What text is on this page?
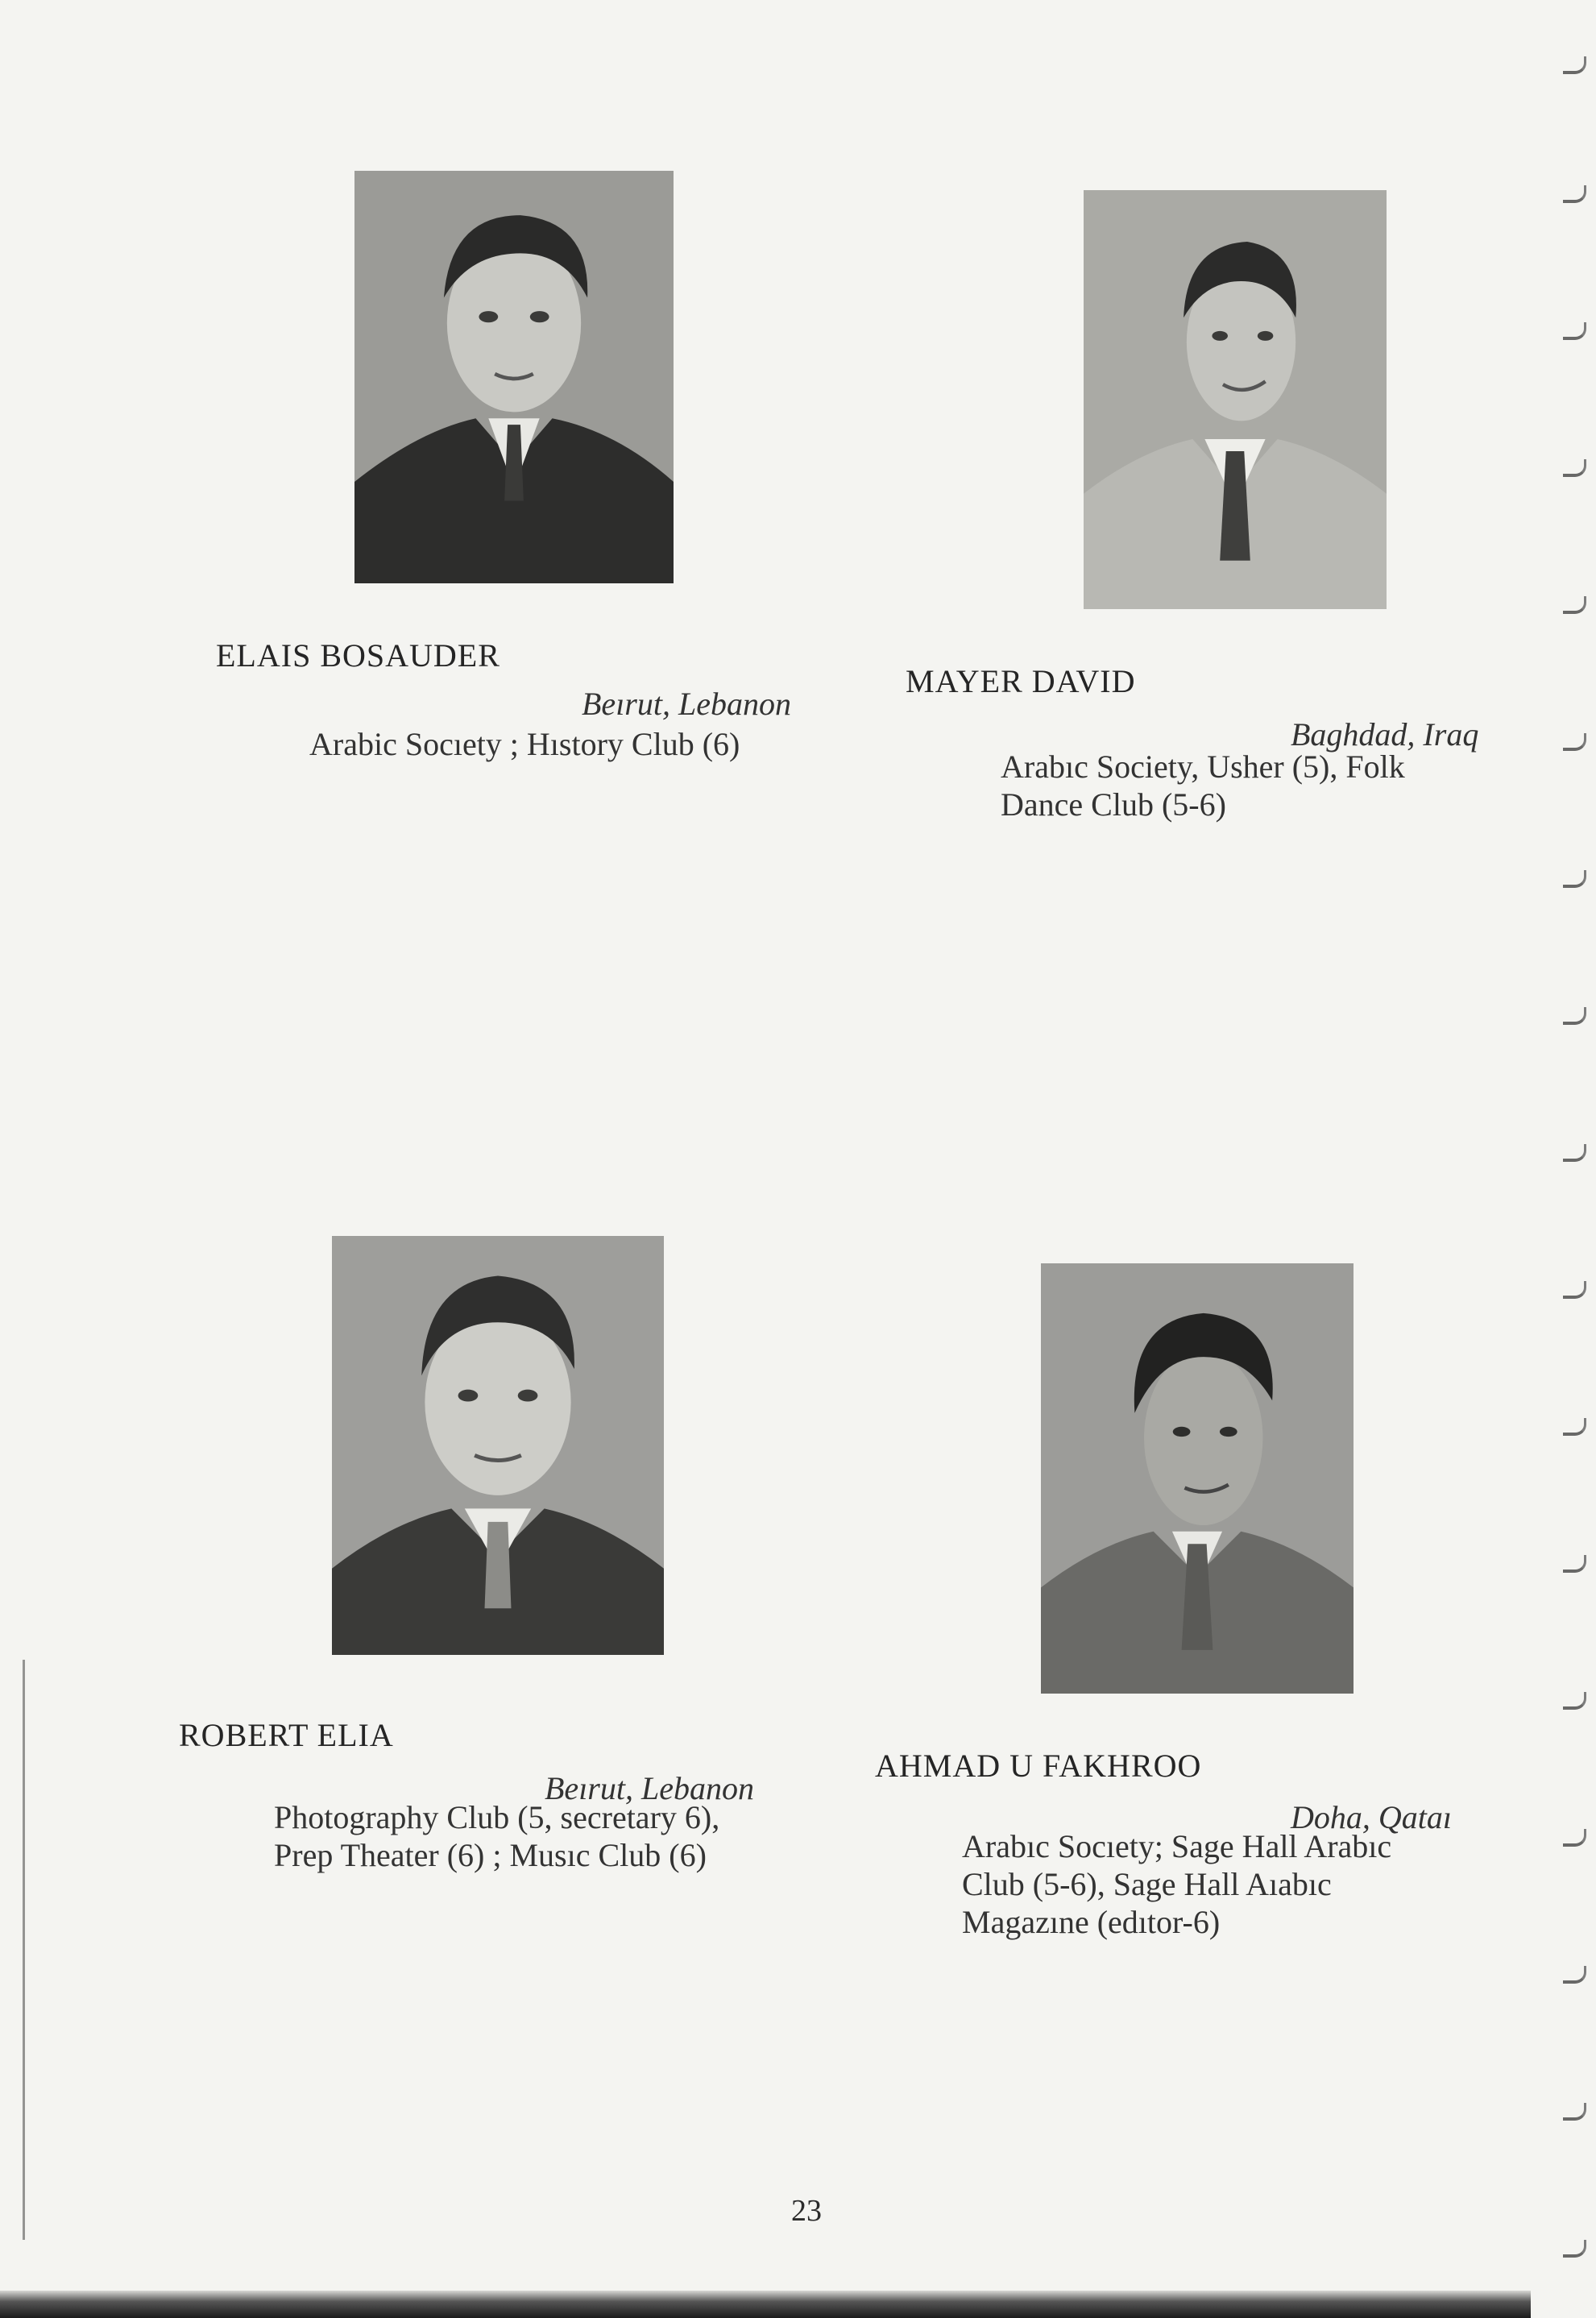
ELAIS BOSAUDER
Beırut, Lebanon
Arabic Socıety ; Hıstory Club (6)
MAYER DAVID
Baghdad, Iraq
Arabıc Society, Usher (5), Folk
Dance Club (5-6)
ROBERT ELIA
Beırut, Lebanon
Photography Club (5, secretary 6),
Prep Theater (6) ; Musıc Club (6)
AHMAD U FAKHROO
Doha, Qataı
Arabıc Socıety; Sage Hall Arabıc
Club (5-6), Sage Hall Aıabıc
Magazıne (edıtor-6)
23
